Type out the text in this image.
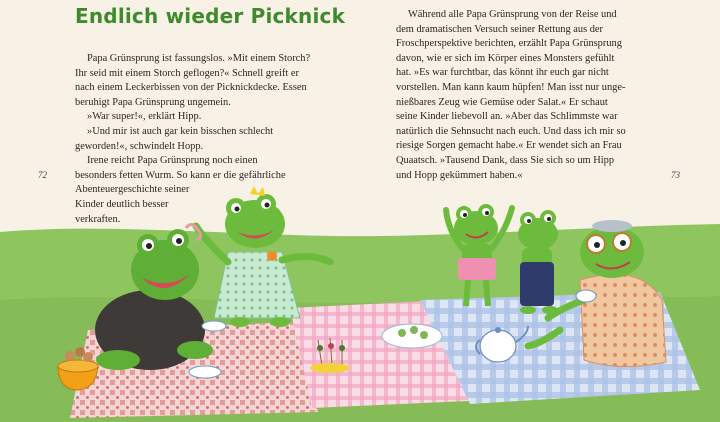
Endlich wieder Picknick

Papa Grünsprung ist fassungslos. »Mit einem Storch?

Ihr seid mit einem Storch geflogen?« Schnell greift er

nach einem Leckerbissen von der Picknickdecke. Essen

beruhigt Papa Grünsprung ungemein.

»War super!«, erklärt Hipp.

»Und mir ist auch gar kein bisschen schlecht

geworden!«, schwindelt Hopp.

Irene reicht Papa Grünsprung noch einen

besonders fetten Wurm. So kann er die gefährliche

Abenteuergeschichte seiner

Kinder deutlich besser

verkraften.

Während alle Papa Grünsprung von der Reise und

dem dramatischen Versuch seiner Rettung aus der

Froschperspektive berichten, erzählt Papa Grünsprung

davon, wie er sich im Körper eines Monsters gefühlt

hat. »Es war furchtbar, das könnt ihr euch gar nicht

vorstellen. Man kann kaum hüpfen! Man isst nur unge-

nießbares Zeug wie Gemüse oder Salat.« Er schaut

seine Kinder liebevoll an. »Aber das Schlimmste war

natürlich die Sehnsucht nach euch. Und dass ich mir so

riesige Sorgen gemacht habe.« Er wendet sich an Frau

Quaatsch. »Tausend Dank, dass Sie sich so um Hipp

und Hopp gekümmert haben.«

72	73
